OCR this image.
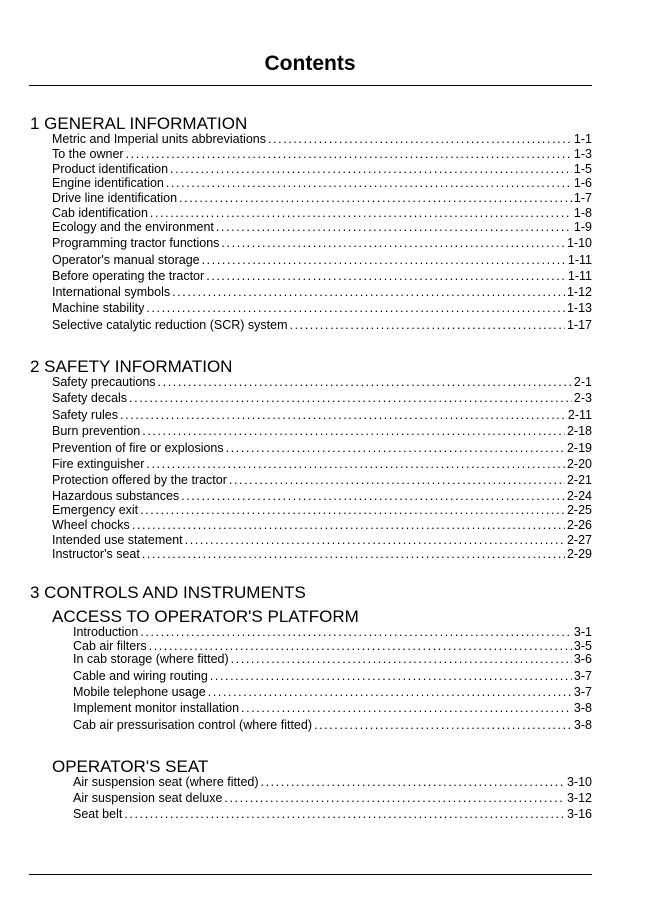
Contents
1 GENERAL INFORMATION
Metric and Imperial units abbreviations .....	1-1
To the owner .....	1-3
Product identification .....	1-5
Engine identification .....	1-6
Drive line identification .....	1-7
Cab identification .....	1-8
Ecology and the environment .....	1-9
Programming tractor functions .....	1-10
Operator's manual storage .....	1-11
Before operating the tractor .....	1-11
International symbols .....	1-12
Machine stability .....	1-13
Selective catalytic reduction (SCR) system .....	1-17
2 SAFETY INFORMATION
Safety precautions .....	2-1
Safety decals .....	2-3
Safety rules .....	2-11
Burn prevention .....	2-18
Prevention of fire or explosions .....	2-19
Fire extinguisher .....	2-20
Protection offered by the tractor .....	2-21
Hazardous substances .....	2-24
Emergency exit .....	2-25
Wheel chocks .....	2-26
Intended use statement .....	2-27
Instructor's seat .....	2-29
3 CONTROLS AND INSTRUMENTS
ACCESS TO OPERATOR'S PLATFORM
Introduction .....	3-1
Cab air filters .....	3-5
In cab storage (where fitted) .....	3-6
Cable and wiring routing .....	3-7
Mobile telephone usage .....	3-7
Implement monitor installation .....	3-8
Cab air pressurisation control (where fitted) .....	3-8
OPERATOR'S SEAT
Air suspension seat (where fitted) .....	3-10
Air suspension seat deluxe .....	3-12
Seat belt .....	3-16
